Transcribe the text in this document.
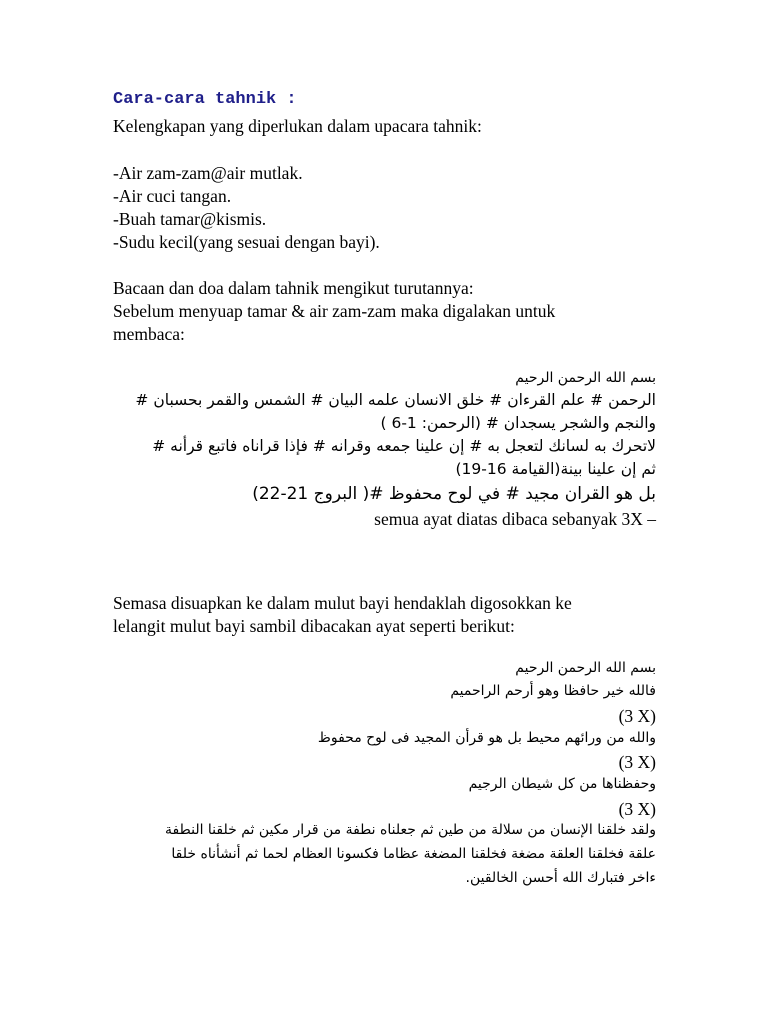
Cara-cara tahnik :
Kelengkapan yang diperlukan dalam upacara tahnik:
-Air zam-zam@air mutlak.
-Air cuci tangan.
-Buah tamar@kismis.
-Sudu kecil(yang sesuai dengan bayi).
Bacaan dan doa dalam tahnik mengikut turutannya:
Sebelum menyuap tamar & air zam-zam maka digalakan untuk
membaca:
بسم الله الرحمن الرحيم
الرحمن # علم القرءان # خلق الانسان علمه البيان # الشمس والقمر بحسبان #
والنجم والشجر يسجدان # (الرحمن: 1-6 )
لاتحرك به لسانك لتعجل به # إن علينا جمعه وقرانه # فإذا قراناه فاتبع قرأنه #
ثم إن علينا بينة(القيامة 16-19)
بل هو القران مجيد # في لوح محفوظ #( البروج 21-22)
semua ayat diatas dibaca sebanyak 3X –
Semasa disuapkan ke dalam mulut bayi hendaklah digosokkan ke
lelangit mulut bayi sambil dibacakan ayat seperti berikut:
بسم الله الرحمن الرحيم
فالله خير حافظا وهو أرحم الراحميم
(3 X)
والله من ورائهم محيط بل هو قرأن المجيد فى لوح محفوظ
(3 X)
وحفظناها من كل شيطان الرجيم
(3 X)
ولقد خلقنا الإنسان من سلالة من طين ثم جعلناه نطفة من قرار مكين ثم خلقنا النطفة
علقة فخلقنا العلقة مضغة فخلقنا المضغة عظاما فكسونا العظام لحما ثم أنشأناه خلقا
ءاخر فتبارك الله أحسن الخالقين.
